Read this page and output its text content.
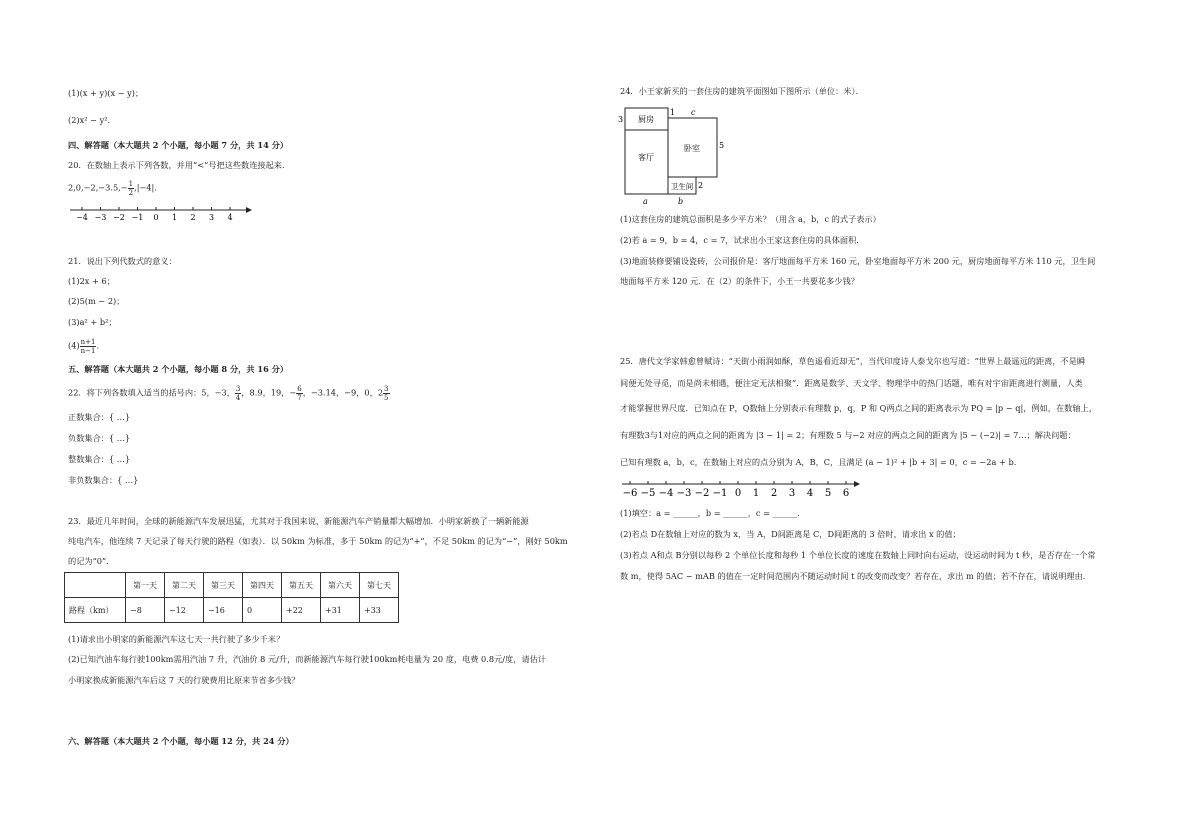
(1)(x + y)(x − y)；
(2)x² − y².
四、解答题（本大题共 2 个小题，每小题 7 分，共 14 分）
20．在数轴上表示下列各数，并用“<”号把这些数连接起来．
$2,0,-2,-3.5,- \frac{1}{2} ,|-4|$.
−4 −3 −2 −1 0 1 2 3 4
21．说出下列代数式的意义：
(1)2x + 6；
(2)5(m − 2)；
(3)a² + b²；
$(4) \frac{n+1}{n-1}$ .
五、解答题（本大题共 2 个小题，每小题 8 分，共 16 分）
22．将下列各数填入适当的括号内：5，−3， $\frac{3}{4}$ ，8.9，19，− $\frac{6}{7}$ ，−3.14，−9，0，$2 \frac{3}{5}$
正数集合：{ …}
负数集合：{ …}
整数集合：{ …}
非负数集合：{ …}
23．最近几年时间，全球的新能源汽车发展迅猛，尤其对于我国来说，新能源汽车产销量都大幅增加．小明家新换了一辆新能源
纯电汽车，他连续 7 天记录了每天行驶的路程（如表）．以 50km 为标准，多于 50km 的记为“+”，不足 50km 的记为“−”，刚好 50km
的记为“0”．
	第一天	第二天	第三天	第四天	第五天	第六天	第七天
路程（km）	−8	−12	−16	0	+22	+31	+33
(1)请求出小明家的新能源汽车这七天一共行驶了多少千米？
(2)已知汽油车每行驶100km需用汽油 7 升，汽油价 8 元/升，而新能源汽车每行驶100km耗电量为 20 度，电费 0.8元/度，请估计
小明家换成新能源汽车后这 7 天的行驶费用比原来节省多少钱？
六、解答题（本大题共 2 个小题，每小题 12 分，共 24 分）
24．小王家新买的一套住房的建筑平面图如下图所示（单位：米）．
厨房
客厅
卧室
卫生间
3
1 c
5
2
a	b
(1)这套住房的建筑总面积是多少平方米？（用含 a，b，c 的式子表示）
(2)若 a = 9，b = 4，c = 7，试求出小王家这套住房的具体面积．
(3)地面装修要铺设瓷砖，公司报价是：客厅地面每平方米 160 元，卧室地面每平方米 200 元，厨房地面每平方米 110 元，卫生间
地面每平方米 120 元．在（2）的条件下，小王一共要花多少钱？
25．唐代文学家韩愈曾赋诗：“天街小雨润如酥，草色遥看近却无”，当代印度诗人泰戈尔也写道：“世界上最遥远的距离，不是瞬
间便无处寻觅，而是尚未相遇，便注定无法相聚”．距离是数学、天文学、物理学中的热门话题，唯有对宇宙距离进行测量，人类
才能掌握世界尺度．已知点在 P，Q数轴上分别表示有理数 p，q，P 和 Q两点之间的距离表示为 PQ = |p − q|，例如，在数轴上，
有理数3与1对应的两点之间的距离为 |3 − 1| = 2；有理数 5 与−2 对应的两点之间的距离为 |5 − (−2)| = 7…；解决问题：
已知有理数 a，b，c，在数轴上对应的点分别为 A，B，C，且满足 (a − 1)² + |b + 3| = 0，c = −2a + b．
−6 −5 −4 −3 −2 −1 0 1 2 3 4 5 6
(1)填空：a = ______，b = ______，c = ______．
(2)若点 D在数轴上对应的数为 x，当 A，D间距离是 C，D间距离的 3 倍时，请求出 x 的值；
(3)若点 A和点 B分别以每秒 2 个单位长度和每秒 1 个单位长度的速度在数轴上同时向右运动，设运动时间为 t 秒，是否存在一个常
数 m，使得 5AC − mAB 的值在一定时间范围内不随运动时间 t 的改变而改变？若存在，求出 m 的值；若不存在，请说明理由．
